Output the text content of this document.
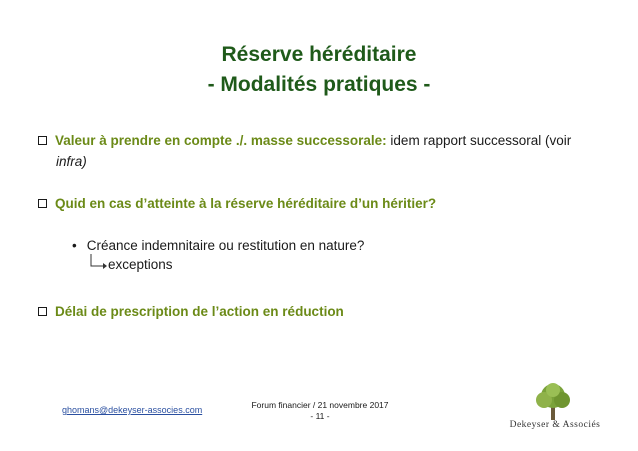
Réserve héréditaire
- Modalités pratiques -
Valeur à prendre en compte ./. masse successorale: idem rapport successoral (voir
infra)
Quid en cas d’atteinte à la réserve héréditaire d’un héritier?
• Créance indemnitaire ou restitution en nature?
exceptions
Délai de prescription de l’action en réduction
ghomans@dekeyser-associes.com	Forum financier / 21 novembre 2017
- 11 -
Dekeyser & Associés
